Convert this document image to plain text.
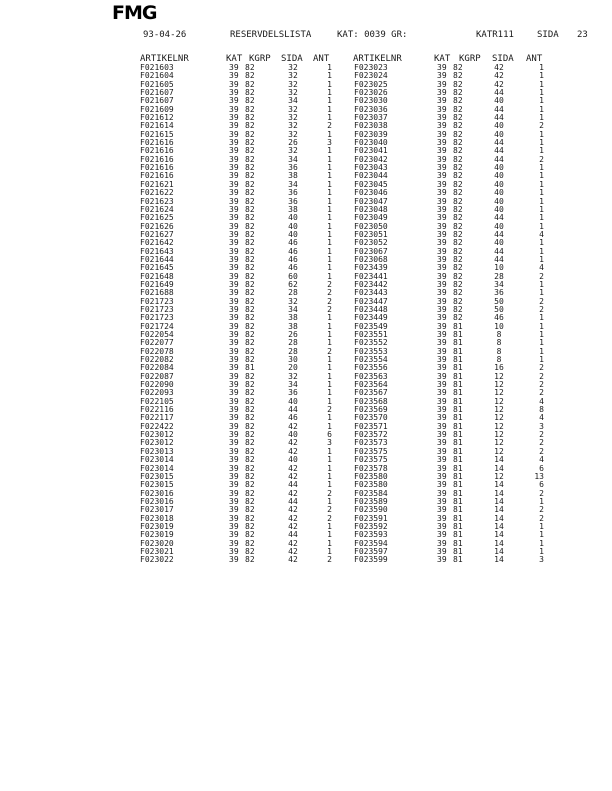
FMG
93-04-26	RESERVDELSLISTA	KAT: 0039 GR:	KATR111	SIDA 23
ARTIKELNR	KAT KGRP SIDA ANT	ARTIKELNR	KAT KGRP SIDA ANT
F021603	39 82	32	1	F023023	39 82	42	1
F021604	39 82	32	1	F023024	39 82	42	1
F021605	39 82	32	1	F023025	39 82	42	1
F021607	39 82	32	1	F023026	39 82	44	1
F021607	39 82	34	1	F023030	39 82	40	1
F021609	39 82	32	1	F023036	39 82	44	1
F021612	39 82	32	1	F023037	39 82	44	1
F021614	39 82	32	2	F023038	39 82	40	2
F021615	39 82	32	1	F023039	39 82	40	1
F021616	39 82	26	3	F023040	39 82	44	1
F021616	39 82	32	1	F023041	39 82	44	1
F021616	39 82	34	1	F023042	39 82	44	2
F021616	39 82	36	1	F023043	39 82	40	1
F021616	39 82	38	1	F023044	39 82	40	1
F021621	39 82	34	1	F023045	39 82	40	1
F021622	39 82	36	1	F023046	39 82	40	1
F021623	39 82	36	1	F023047	39 82	40	1
F021624	39 82	38	1	F023048	39 82	40	1
F021625	39 82	40	1	F023049	39 82	44	1
F021626	39 82	40	1	F023050	39 82	40	1
F021627	39 82	40	1	F023051	39 82	44	4
F021642	39 82	46	1	F023052	39 82	40	1
F021643	39 82	46	1	F023067	39 82	44	1
F021644	39 82	46	1	F023068	39 82	44	1
F021645	39 82	46	1	F023439	39 82	10	4
F021648	39 82	60	1	F023441	39 82	28	2
F021649	39 82	62	2	F023442	39 82	34	1
F021688	39 82	28	2	F023443	39 82	36	1
F021723	39 82	32	2	F023447	39 82	50	2
F021723	39 82	34	2	F023448	39 82	50	2
F021723	39 82	38	1	F023449	39 82	46	1
F021724	39 82	38	1	F023549	39 81	10	1
F022054	39 82	26	1	F023551	39 81	8	1
F022077	39 82	28	1	F023552	39 81	8	1
F022078	39 82	28	2	F023553	39 81	8	1
F022082	39 82	30	1	F023554	39 81	8	1
F022084	39 81	20	1	F023556	39 81	16	2
F022087	39 82	32	1	F023563	39 81	12	2
F022090	39 82	34	1	F023564	39 81	12	2
F022093	39 82	36	1	F023567	39 81	12	2
F022105	39 82	40	1	F023568	39 81	12	4
F022116	39 82	44	2	F023569	39 81	12	8
F022117	39 82	46	1	F023570	39 81	12	4
F022422	39 82	42	1	F023571	39 81	12	3
F023012	39 82	40	6	F023572	39 81	12	2
F023012	39 82	42	3	F023573	39 81	12	2
F023013	39 82	42	1	F023575	39 81	12	2
F023014	39 82	40	1	F023575	39 81	14	4
F023014	39 82	42	1	F023578	39 81	14	6
F023015	39 82	42	1	F023580	39 81	12	13
F023015	39 82	44	1	F023580	39 81	14	6
F023016	39 82	42	2	F023584	39 81	14	2
F023016	39 82	44	1	F023589	39 81	14	1
F023017	39 82	42	2	F023590	39 81	14	2
F023018	39 82	42	2	F023591	39 81	14	2
F023019	39 82	42	1	F023592	39 81	14	1
F023019	39 82	44	1	F023593	39 81	14	1
F023020	39 82	42	1	F023594	39 81	14	1
F023021	39 82	42	1	F023597	39 81	14	1
F023022	39 82	42	2	F023599	39 81	14	3
